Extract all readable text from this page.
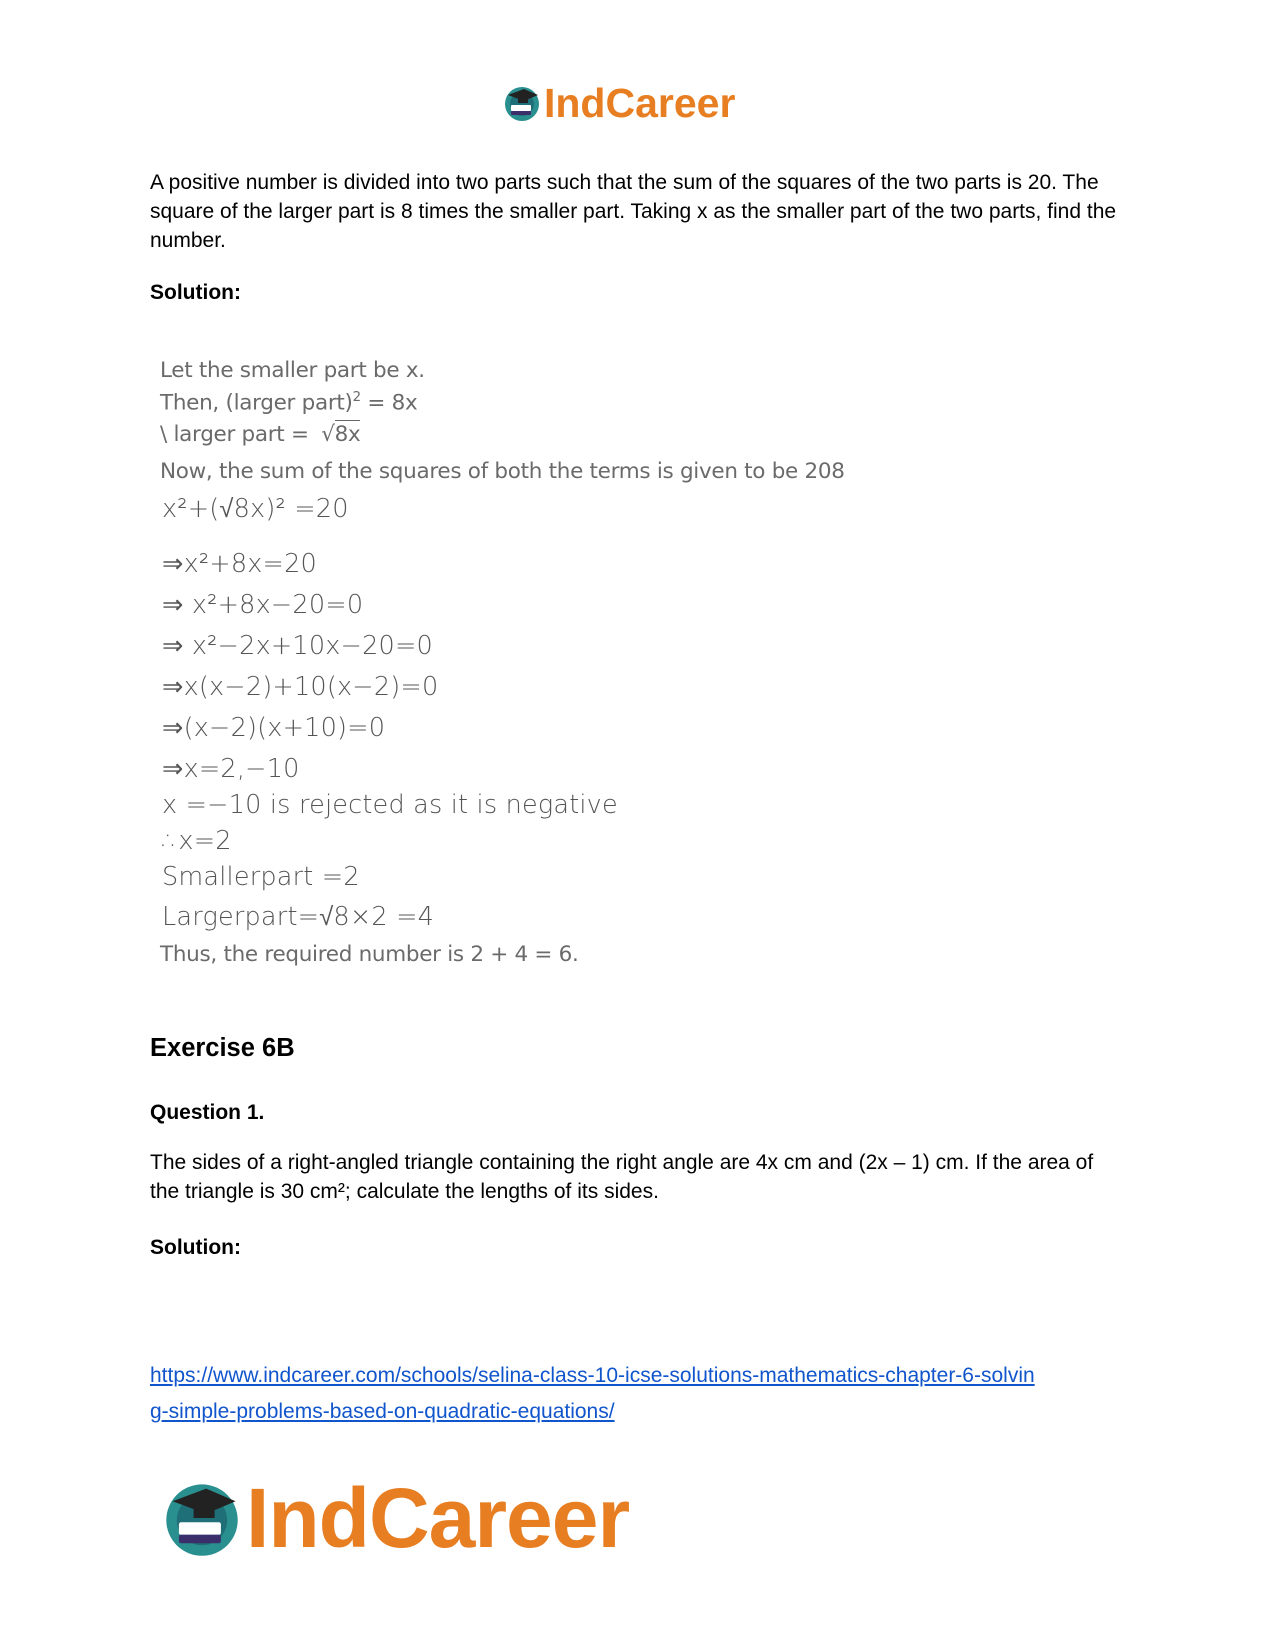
IndCareer
A positive number is divided into two parts such that the sum of the squares of the two parts is 20. The square of the larger part is 8 times the smaller part. Taking x as the smaller part of the two parts, find the number.
Solution:
Let the smaller part be x.
Then, (larger part)$^2$ = 8x
\ larger part = √8x
Now, the sum of the squares of both the terms is given to be 208
x²+(√8x)² =20
⇒x²+8x=20
⇒ x²+8x−20=0
⇒ x²−2x+10x−20=0
⇒x(x−2)+10(x−2)=0
⇒(x−2)(x+10)=0
⇒x=2,−10
x =−10 is rejected as it is negative
∴x=2
Smallerpart =2
Largerpart=√8×2 =4
Thus, the required number is 2 + 4 = 6.
Exercise 6B
Question 1.
The sides of a right-angled triangle containing the right angle are 4x cm and (2x – 1) cm. If the area of the triangle is 30 cm²; calculate the lengths of its sides.
Solution:
https://www.indcareer.com/schools/selina-class-10-icse-solutions-mathematics-chapter-6-solvin
g-simple-problems-based-on-quadratic-equations/
IndCareer
